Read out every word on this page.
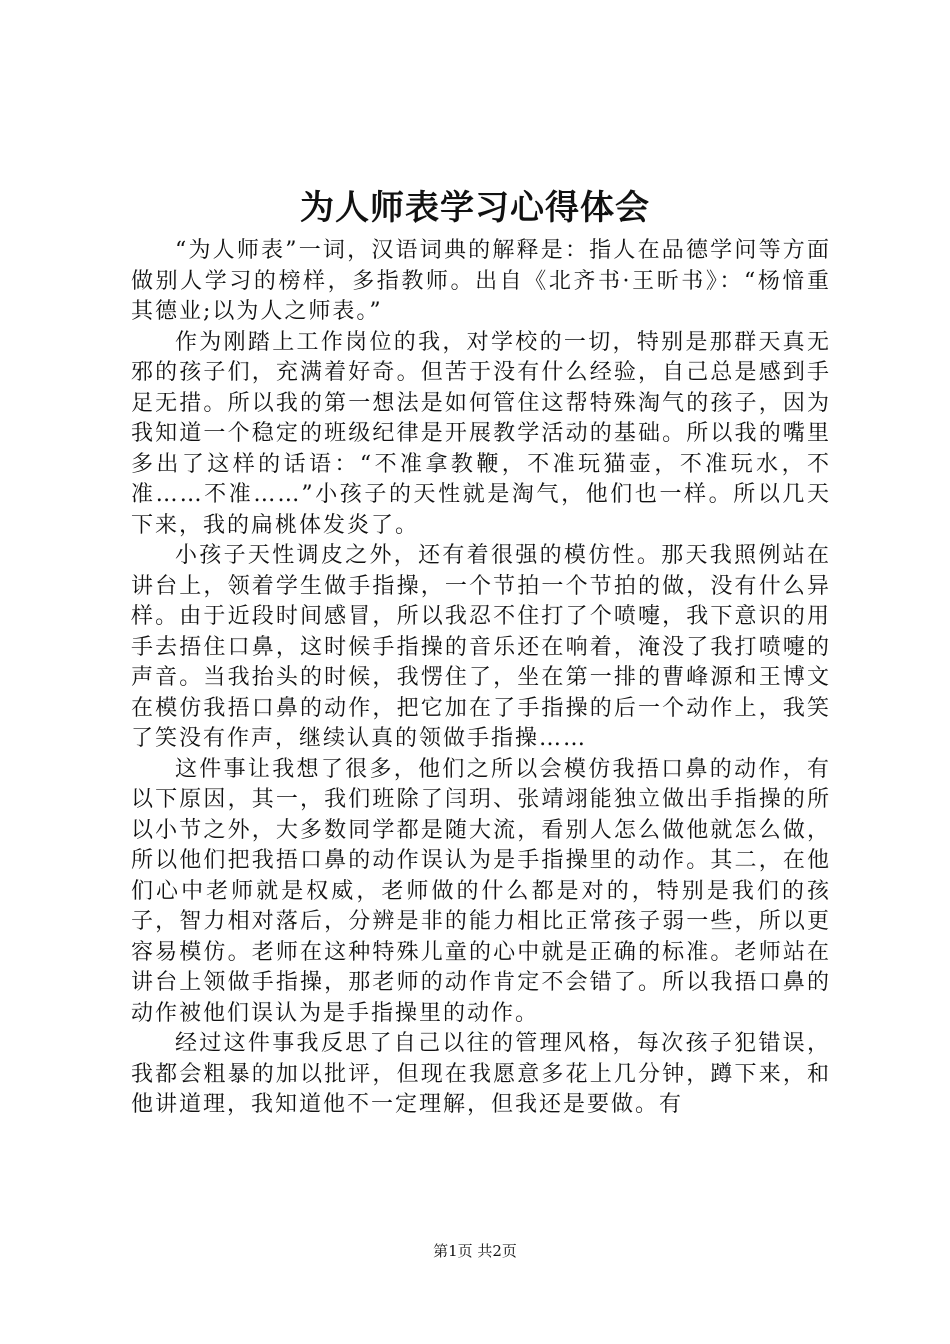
为人师表学习心得体会

“为人师表”一词，汉语词典的解释是：指人在品德学问等方面做别人学习的榜样，多指教师。出自《北齐书·王昕书》：“杨愔重其德业;以为人之师表。”

作为刚踏上工作岗位的我，对学校的一切，特别是那群天真无邪的孩子们，充满着好奇。但苦于没有什么经验，自己总是感到手足无措。所以我的第一想法是如何管住这帮特殊淘气的孩子，因为我知道一个稳定的班级纪律是开展教学活动的基础。所以我的嘴里多出了这样的话语：“不准拿教鞭，不准玩猫壶，不准玩水，不准……不准……”小孩子的天性就是淘气，他们也一样。所以几天下来，我的扁桃体发炎了。

小孩子天性调皮之外，还有着很强的模仿性。那天我照例站在讲台上，领着学生做手指操，一个节拍一个节拍的做，没有什么异样。由于近段时间感冒，所以我忍不住打了个喷嚏，我下意识的用手去捂住口鼻，这时候手指操的音乐还在响着，淹没了我打喷嚏的声音。当我抬头的时候，我愣住了，坐在第一排的曹峰源和王博文在模仿我捂口鼻的动作，把它加在了手指操的后一个动作上，我笑了笑没有作声，继续认真的领做手指操……

这件事让我想了很多，他们之所以会模仿我捂口鼻的动作，有以下原因，其一，我们班除了闫玥、张靖翊能独立做出手指操的所以小节之外，大多数同学都是随大流，看别人怎么做他就怎么做，所以他们把我捂口鼻的动作误认为是手指操里的动作。其二，在他们心中老师就是权威，老师做的什么都是对的，特别是我们的孩子，智力相对落后，分辨是非的能力相比正常孩子弱一些，所以更容易模仿。老师在这种特殊儿童的心中就是正确的标准。老师站在讲台上领做手指操，那老师的动作肯定不会错了。所以我捂口鼻的动作被他们误认为是手指操里的动作。

经过这件事我反思了自己以往的管理风格，每次孩子犯错误，我都会粗暴的加以批评，但现在我愿意多花上几分钟，蹲下来，和他讲道理，我知道他不一定理解，但我还是要做。有

第1页 共2页
